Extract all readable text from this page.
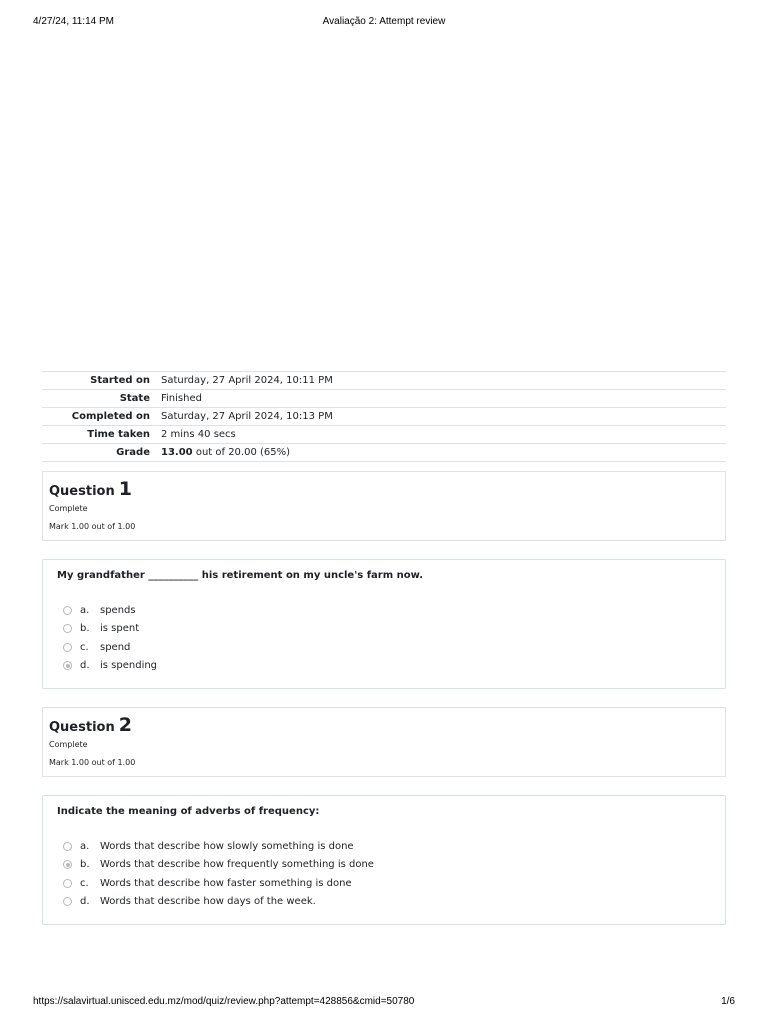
4/27/24, 11:14 PM	Avaliação 2: Attempt review
Started on	Saturday, 27 April 2024, 10:11 PM
State	Finished
Completed on	Saturday, 27 April 2024, 10:13 PM
Time taken	2 mins 40 secs
Grade	13.00 out of 20.00 (65%)
Question 1
Complete
Mark 1.00 out of 1.00
My grandfather __________ his retirement on my uncle's farm now.
a.	spends
b.	is spent
c.	spend
d.	is spending
Question 2
Complete
Mark 1.00 out of 1.00
Indicate the meaning of adverbs of frequency:
a.	Words that describe how slowly something is done
b.	Words that describe how frequently something is done
c.	Words that describe how faster something is done
d.	Words that describe how days of the week.
https://salavirtual.unisced.edu.mz/mod/quiz/review.php?attempt=428856&cmid=50780	1/6
